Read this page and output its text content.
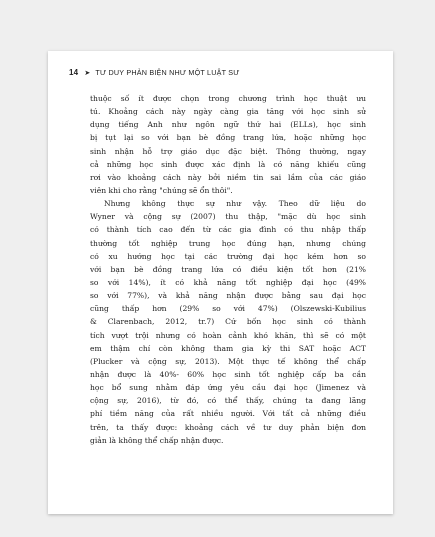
14 ➤ TƯ DUY PHẢN BIỆN NHƯ MỘT LUẬT SƯ

thuộc số ít được chọn trong chương trình học thuật ưu
tú. Khoảng cách này ngày càng gia tăng với học sinh sử
dụng tiếng Anh như ngôn ngữ thứ hai (ELLs), học sinh
bị tụt lại so với bạn bè đồng trang lứa, hoặc những học
sinh nhận hỗ trợ giáo dục đặc biệt. Thông thường, ngay
cả những học sinh được xác định là có năng khiếu cũng
rơi vào khoảng cách này bởi niềm tin sai lầm của các giáo
viên khi cho rằng "chúng sẽ ổn thôi".

Nhưng không thực sự như vậy. Theo dữ liệu do
Wyner và cộng sự (2007) thu thập, "mặc dù học sinh
có thành tích cao đến từ các gia đình có thu nhập thấp
thường tốt nghiệp trung học đúng hạn, nhưng chúng
có xu hướng học tại các trường đại học kém hơn so
với bạn bè đồng trang lứa có điều kiện tốt hơn (21%
so với 14%), ít có khả năng tốt nghiệp đại học (49%
so với 77%), và khả năng nhận được bằng sau đại học
cũng thấp hơn (29% so với 47%) (Olszewski-Kubilius
& Clarenbach, 2012, tr.7) Cứ bốn học sinh có thành
tích vượt trội nhưng có hoàn cảnh khó khăn, thì sẽ có một
em thậm chí còn không tham gia kỳ thi SAT hoặc ACT
(Plucker và cộng sự, 2013). Một thực tế không thể chấp
nhận được là 40%- 60% học sinh tốt nghiệp cấp ba cần
học bổ sung nhằm đáp ứng yêu cầu đại học (Jimenez và
cộng sự, 2016), từ đó, có thể thấy, chúng ta đang lãng
phí tiềm năng của rất nhiều người. Với tất cả những điều
trên, ta thấy được: khoảng cách về tư duy phản biện đơn
giản là không thể chấp nhận được.
